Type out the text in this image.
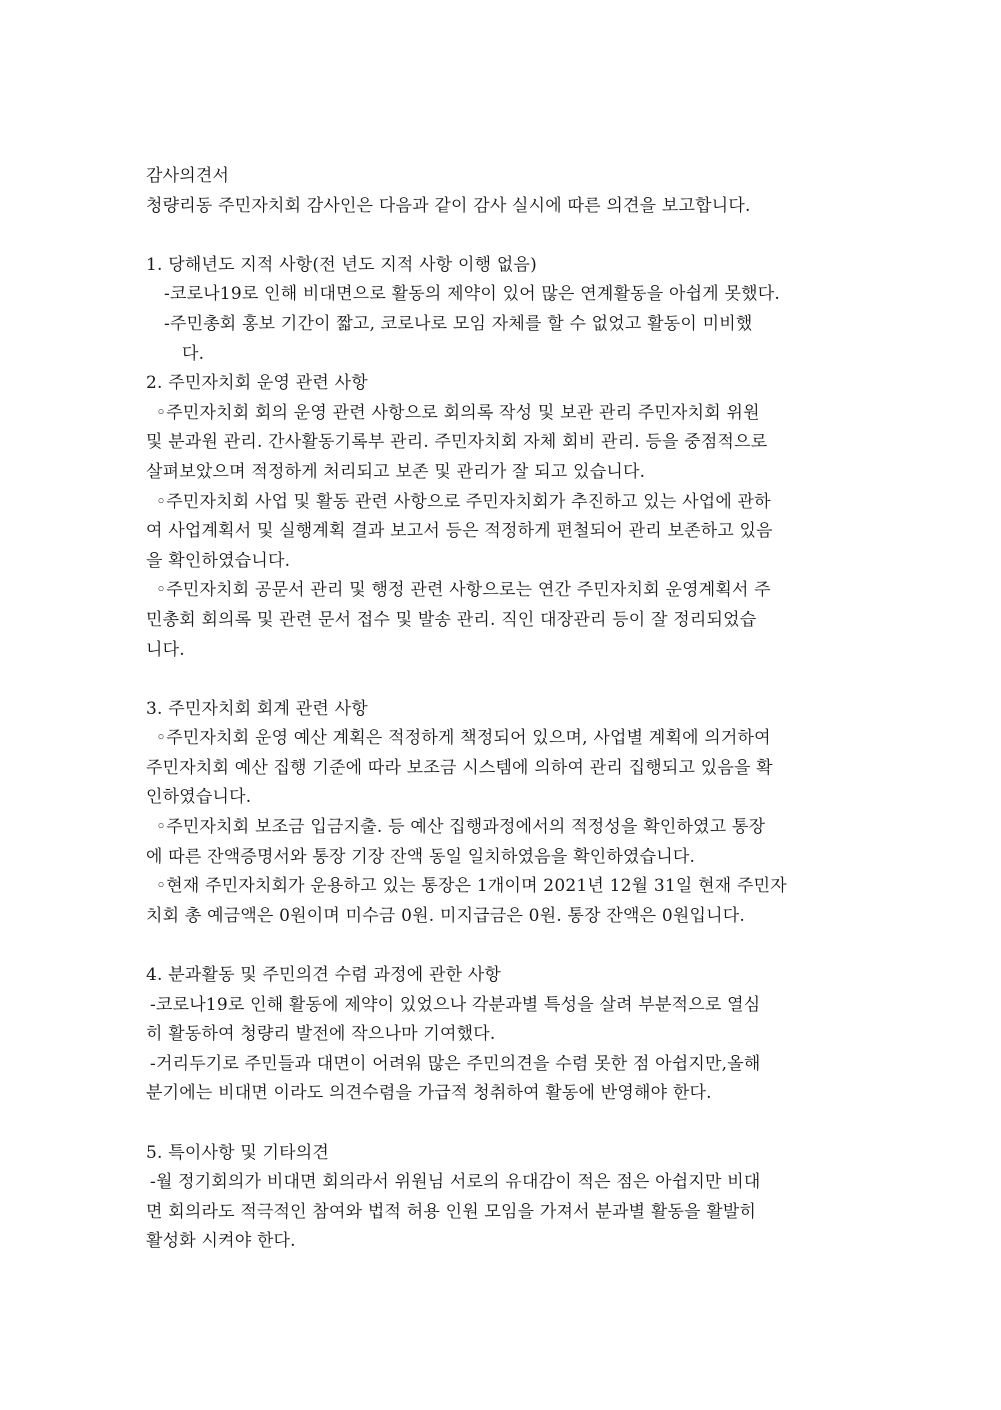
감사의견서
청량리동 주민자치회 감사인은 다음과 같이 감사 실시에 따른 의견을 보고합니다.
1. 당해년도 지적 사항(전 년도 지적 사항 이행 없음)
-코로나19로 인해 비대면으로 활동의 제약이 있어 많은 연계활동을 아쉽게 못했다.
-주민총회 홍보 기간이 짧고, 코로나로 모임 자체를 할 수 없었고 활동이 미비했
다.
2. 주민자치회 운영 관련 사항
◦주민자치회 회의 운영 관련 사항으로 회의록 작성 및 보관 관리 주민자치회 위원
및 분과원 관리. 간사활동기록부 관리. 주민자치회 자체 회비 관리. 등을 중점적으로
살펴보았으며 적정하게 처리되고 보존 및 관리가 잘 되고 있습니다.
◦주민자치회 사업 및 활동 관련 사항으로 주민자치회가 추진하고 있는 사업에 관하
여 사업계획서 및 실행계획 결과 보고서 등은 적정하게 편철되어 관리 보존하고 있음
을 확인하였습니다.
◦주민자치회 공문서 관리 및 행정 관련 사항으로는 연간 주민자치회 운영계획서 주
민총회 회의록 및 관련 문서 접수 및 발송 관리. 직인 대장관리 등이 잘 정리되었습
니다.
3. 주민자치회 회계 관련 사항
◦주민자치회 운영 예산 계획은 적정하게 책정되어 있으며, 사업별 계획에 의거하여
주민자치회 예산 집행 기준에 따라 보조금 시스템에 의하여 관리 집행되고 있음을 확
인하였습니다.
◦주민자치회 보조금 입금지출. 등 예산 집행과정에서의 적정성을 확인하였고 통장
에 따른 잔액증명서와 통장 기장 잔액 동일 일치하였음을 확인하였습니다.
◦현재 주민자치회가 운용하고 있는 통장은 1개이며 2021년 12월 31일 현재 주민자
치회 총 예금액은 0원이며 미수금 0원. 미지급금은 0원. 통장 잔액은 0원입니다.
4. 분과활동 및 주민의견 수렴 과정에 관한 사항
-코로나19로 인해 활동에 제약이 있었으나 각분과별 특성을 살려 부분적으로 열심
히 활동하여 청량리 발전에 작으나마 기여했다.
-거리두기로 주민들과 대면이 어려워 많은 주민의견을 수렴 못한 점 아쉽지만,올해
분기에는 비대면 이라도 의견수렴을 가급적 청취하여 활동에 반영해야 한다.
5. 특이사항 및 기타의견
-월 정기회의가 비대면 회의라서 위원님 서로의 유대감이 적은 점은 아쉽지만 비대
면 회의라도 적극적인 참여와 법적 허용 인원 모임을 가져서 분과별 활동을 활발히
활성화 시켜야 한다.
